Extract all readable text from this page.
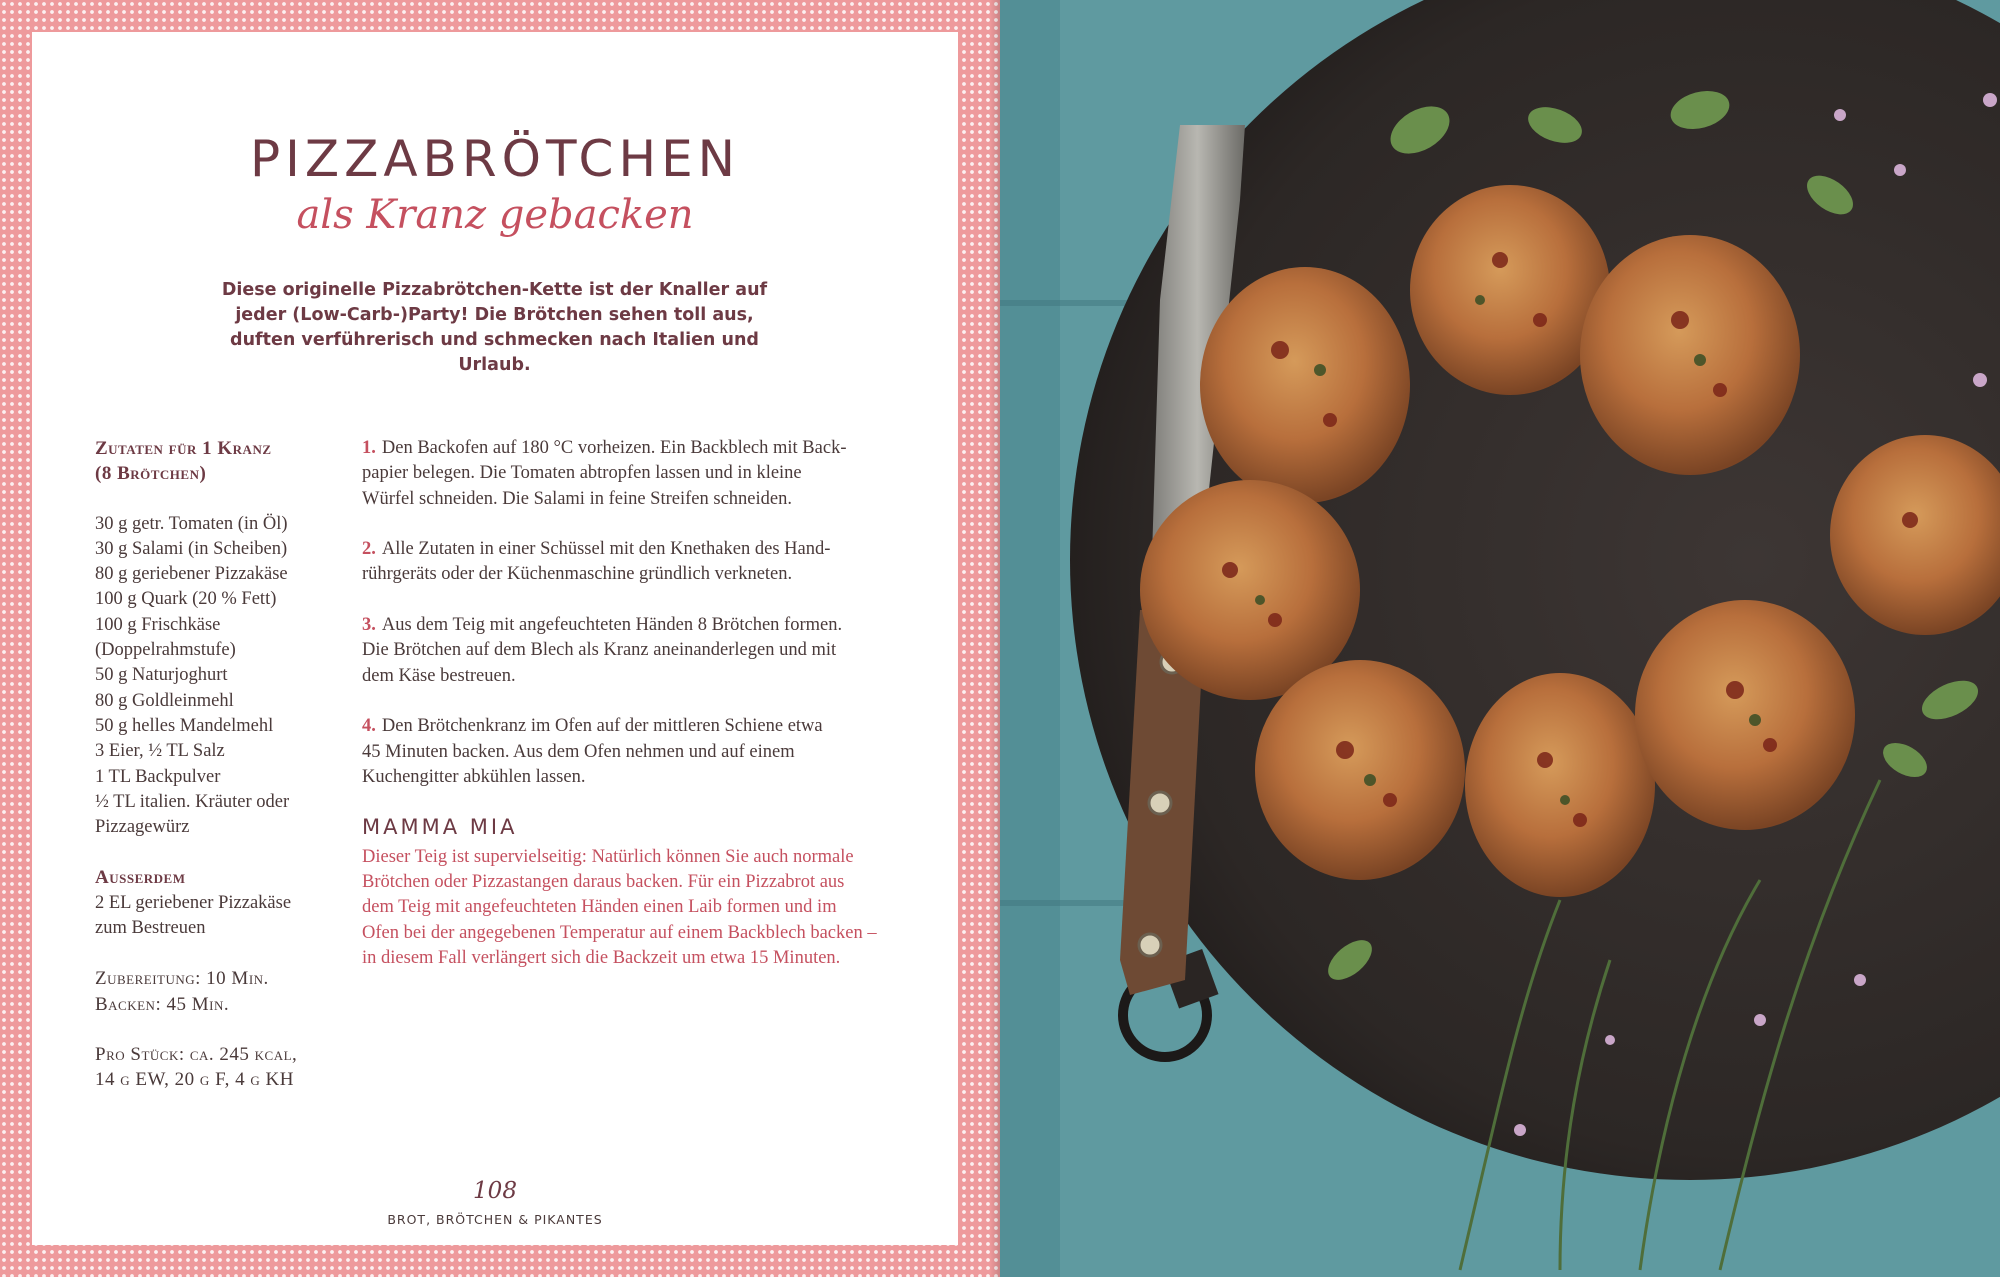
PIZZABRÖTCHEN
als Kranz gebacken

Diese originelle Pizzabrötchen-Kette ist der Knaller auf jeder (Low-Carb-)Party! Die Brötchen sehen toll aus, duften verführerisch und schmecken nach Italien und Urlaub.

Zutaten für 1 Kranz
(8 Brötchen)
30 g getr. Tomaten (in Öl)
30 g Salami (in Scheiben)
80 g geriebener Pizzakäse
100 g Quark (20 % Fett)
100 g Frischkäse
(Doppelrahmstufe)
50 g Naturjoghurt
80 g Goldleinmehl
50 g helles Mandelmehl
3 Eier, ½ TL Salz
1 TL Backpulver
½ TL italien. Kräuter oder
Pizzagewürz
Ausserdem
2 EL geriebener Pizzakäse
zum Bestreuen
Zubereitung: 10 Min.
Backen: 45 Min.
Pro Stück: ca. 245 kcal,
14 g EW, 20 g F, 4 g KH

1. Den Backofen auf 180 °C vorheizen. Ein Backblech mit Back-
papier belegen. Die Tomaten abtropfen lassen und in kleine
Würfel schneiden. Die Salami in feine Streifen schneiden.

2. Alle Zutaten in einer Schüssel mit den Knethaken des Hand-
rührgeräts oder der Küchenmaschine gründlich verkneten.

3. Aus dem Teig mit angefeuchteten Händen 8 Brötchen formen.
Die Brötchen auf dem Blech als Kranz aneinanderlegen und mit
dem Käse bestreuen.

4. Den Brötchenkranz im Ofen auf der mittleren Schiene etwa
45 Minuten backen. Aus dem Ofen nehmen und auf einem
Kuchengitter abkühlen lassen.

MAMMA MIA

Dieser Teig ist supervielseitig: Natürlich können Sie auch normale
Brötchen oder Pizzastangen daraus backen. Für ein Pizzabrot aus
dem Teig mit angefeuchteten Händen einen Laib formen und im
Ofen bei der angegebenen Temperatur auf einem Backblech backen –
in diesem Fall verlängert sich die Backzeit um etwa 15 Minuten.

108
BROT, BRÖTCHEN & PIKANTES
